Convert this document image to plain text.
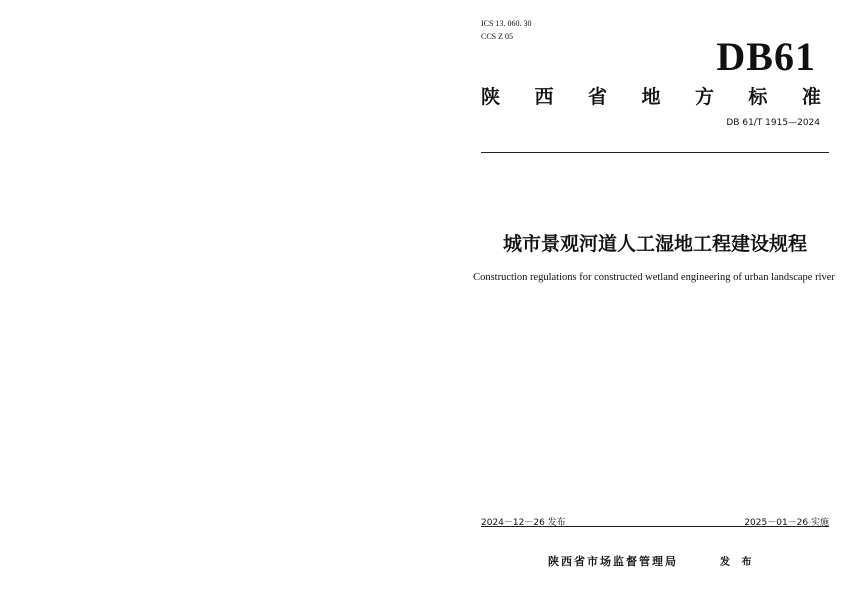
ICS 13. 060. 30
CCS Z 05	DB61
陕 西 省 地 方 标 准
DB 61/T 1915—2024
城市景观河道人工湿地工程建设规程
Construction regulations for constructed wetland engineering of urban landscape river
2024－12－26 发布	2025－01－26 实施
陕西省市场监督管理局	发 布
